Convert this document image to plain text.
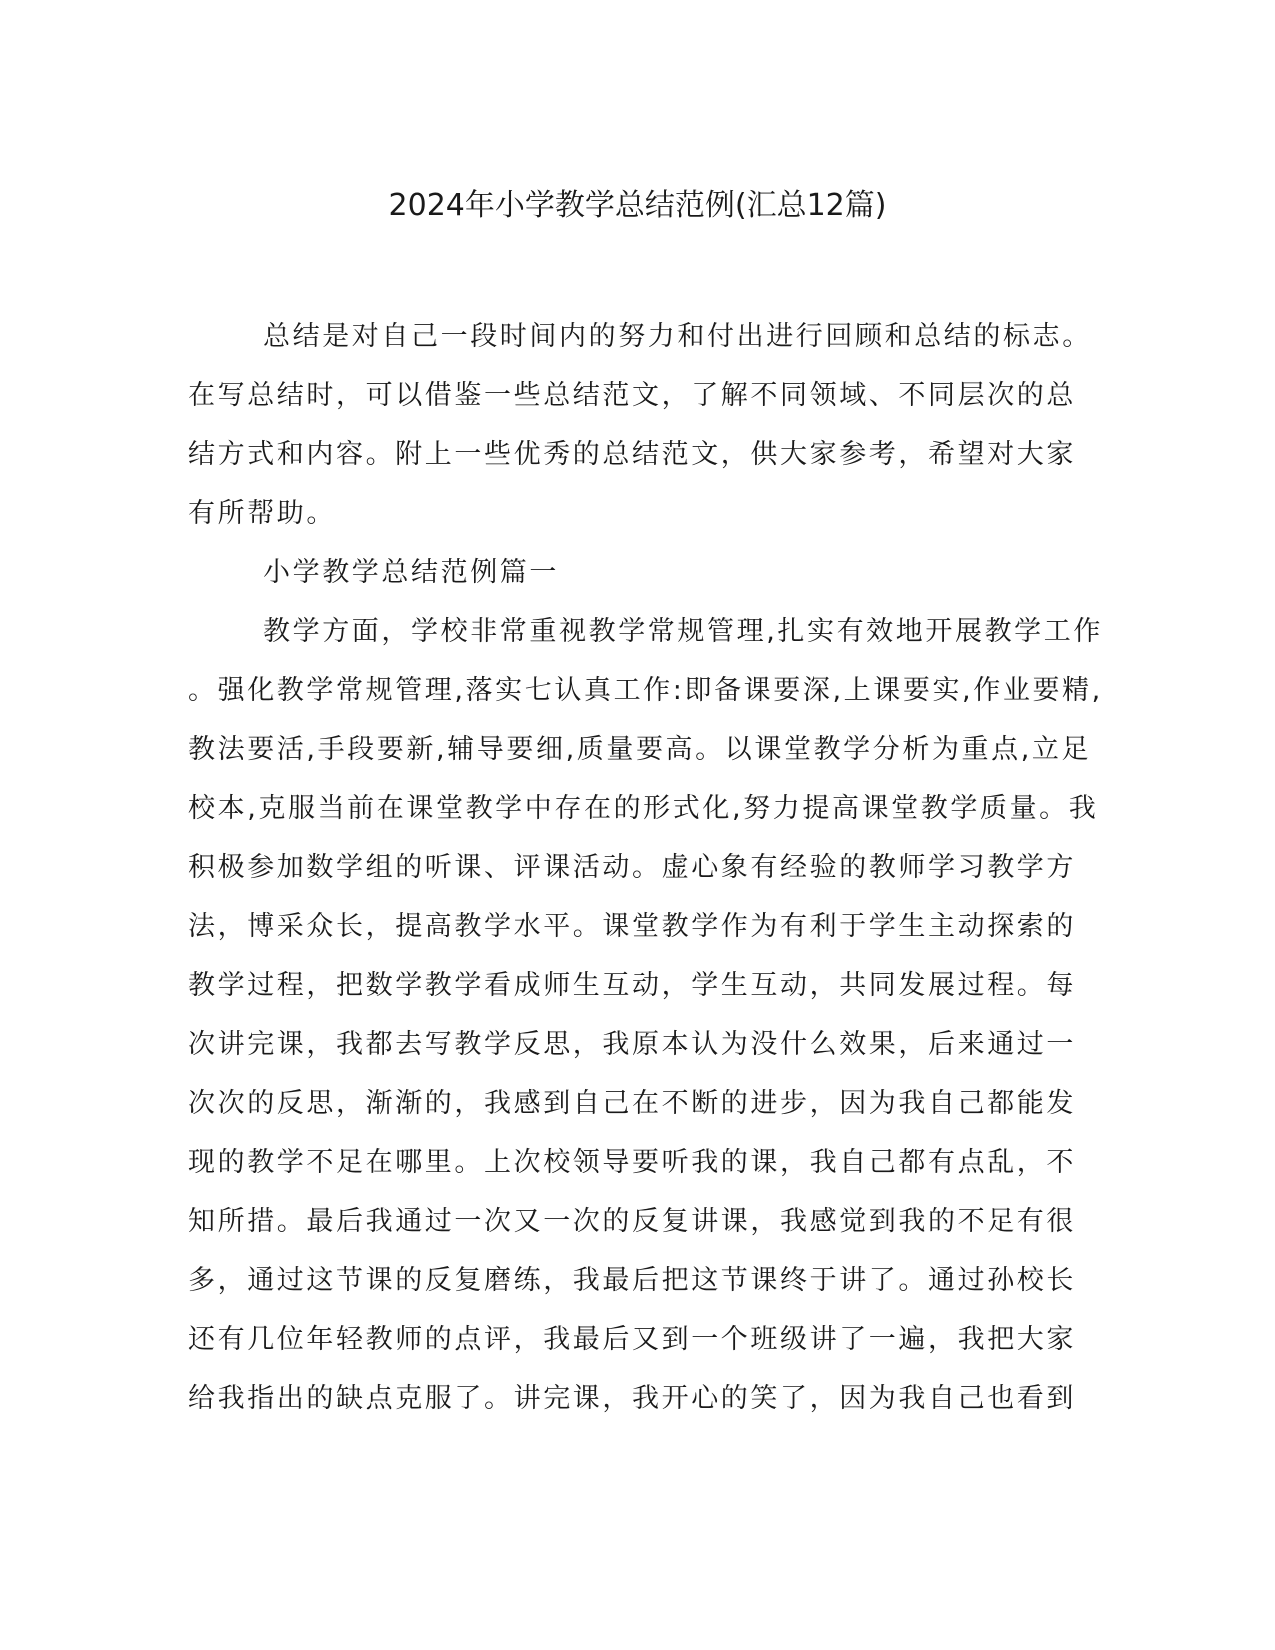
2024年小学教学总结范例(汇总12篇)
总结是对自己一段时间内的努力和付出进行回顾和总结的标志。
在写总结时，可以借鉴一些总结范文，了解不同领域、不同层次的总
结方式和内容。附上一些优秀的总结范文，供大家参考，希望对大家
有所帮助。
小学教学总结范例篇一
教学方面，学校非常重视教学常规管理,扎实有效地开展教学工作
。强化教学常规管理,落实七认真工作:即备课要深,上课要实,作业要精,
教法要活,手段要新,辅导要细,质量要高。以课堂教学分析为重点,立足
校本,克服当前在课堂教学中存在的形式化,努力提高课堂教学质量。我
积极参加数学组的听课、评课活动。虚心象有经验的教师学习教学方
法，博采众长，提高教学水平。课堂教学作为有利于学生主动探索的
教学过程，把数学教学看成师生互动，学生互动，共同发展过程。每
次讲完课，我都去写教学反思，我原本认为没什么效果，后来通过一
次次的反思，渐渐的，我感到自己在不断的进步，因为我自己都能发
现的教学不足在哪里。上次校领导要听我的课，我自己都有点乱，不
知所措。最后我通过一次又一次的反复讲课，我感觉到我的不足有很
多，通过这节课的反复磨练，我最后把这节课终于讲了。通过孙校长
还有几位年轻教师的点评，我最后又到一个班级讲了一遍，我把大家
给我指出的缺点克服了。讲完课，我开心的笑了，因为我自己也看到
